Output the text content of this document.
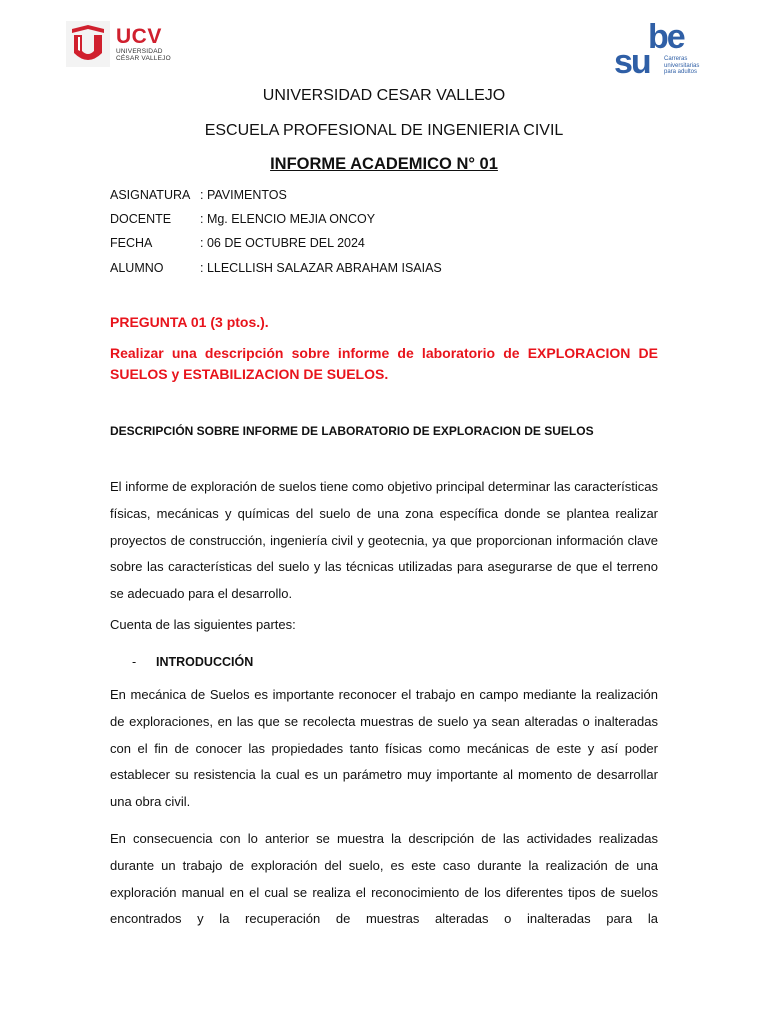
UCV
UNIVERSIDAD
CÉSAR VALLEJO
be
su Carreras universitarias para adultos
UNIVERSIDAD CESAR VALLEJO
ESCUELA PROFESIONAL DE INGENIERIA CIVIL
INFORME ACADEMICO N° 01
ASIGNATURA : PAVIMENTOS
DOCENTE : Mg. ELENCIO MEJIA ONCOY
FECHA	: 06 DE OCTUBRE DEL 2024
ALUMNO	: LLECLLISH SALAZAR ABRAHAM ISAIAS
PREGUNTA 01 (3 ptos.).
Realizar una descripción sobre informe de laboratorio de EXPLORACION DE SUELOS y ESTABILIZACION DE SUELOS.
DESCRIPCIÓN SOBRE INFORME DE LABORATORIO DE EXPLORACION DE SUELOS
El informe de exploración de suelos tiene como objetivo principal determinar las características físicas, mecánicas y químicas del suelo de una zona específica donde se plantea realizar proyectos de construcción, ingeniería civil y geotecnia, ya que proporcionan información clave sobre las características del suelo y las técnicas utilizadas para asegurarse de que el terreno se adecuado para el desarrollo.
Cuenta de las siguientes partes:
- INTRODUCCIÓN
En mecánica de Suelos es importante reconocer el trabajo en campo mediante la realización de exploraciones, en las que se recolecta muestras de suelo ya sean alteradas o inalteradas con el fin de conocer las propiedades tanto físicas como mecánicas de este y así poder establecer su resistencia la cual es un parámetro muy importante al momento de desarrollar una obra civil.
En consecuencia con lo anterior se muestra la descripción de las actividades realizadas durante un trabajo de exploración del suelo, es este caso durante la realización de una exploración manual en el cual se realiza el reconocimiento de los diferentes tipos de suelos encontrados y la recuperación de muestras alteradas o inalteradas para la
